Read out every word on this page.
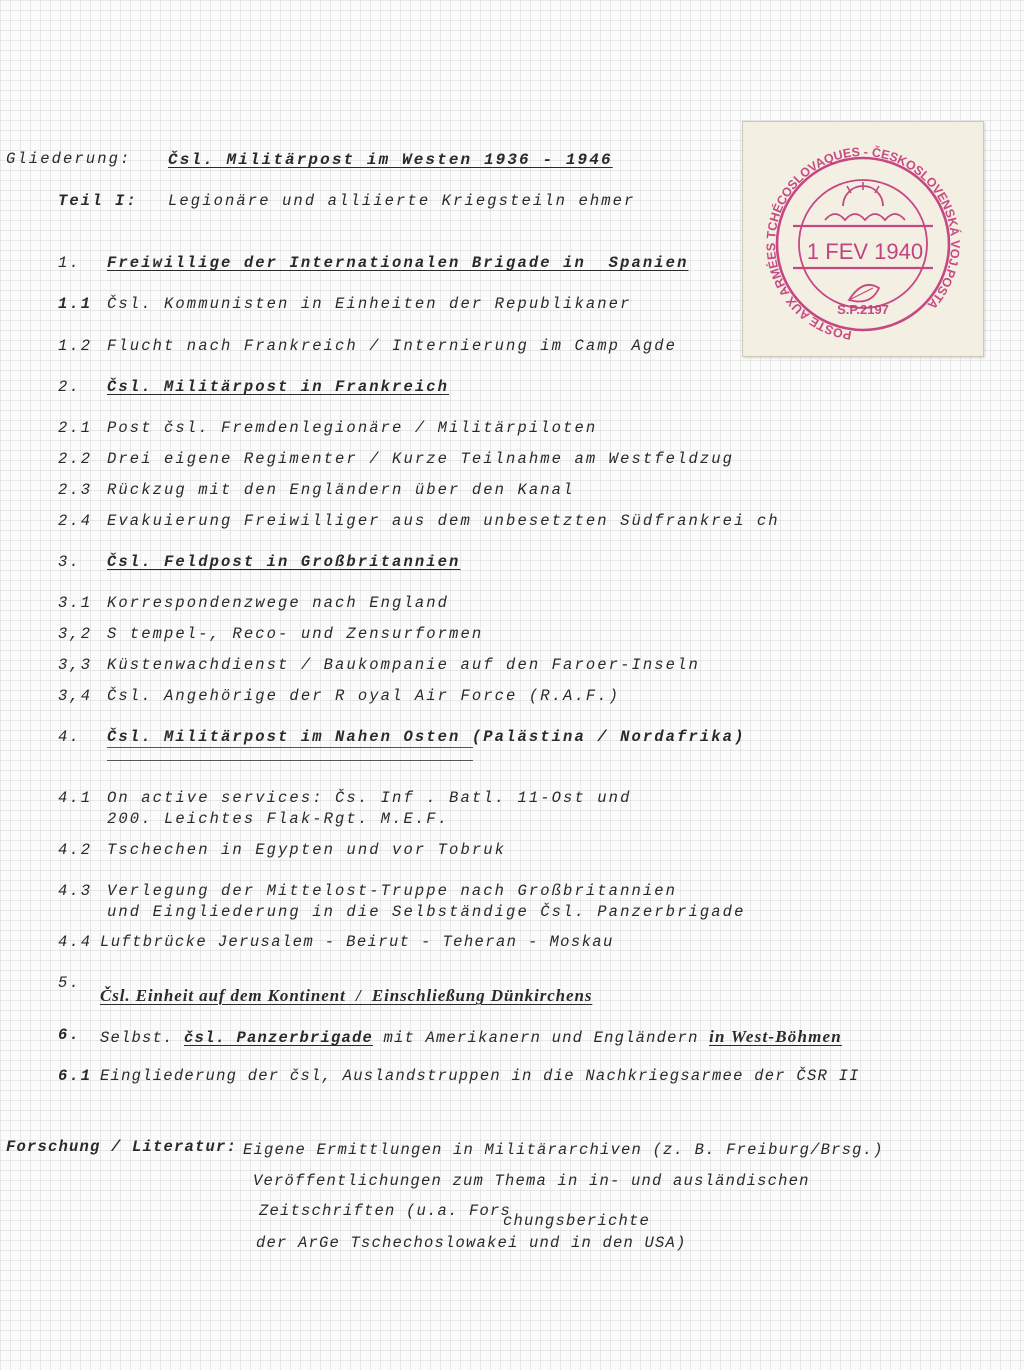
Gliederung: Čsl. Militärpost im Westen 1936 - 1946
Teil I: Legionäre und alliierte Kriegsteiln ehmer
1. Freiwillige der Internationalen Brigade in  Spanien
1.1 Čsl. Kommunisten in Einheiten der Republikaner
1.2 Flucht nach Frankreich / Internierung im Camp Agde
2. Čsl. Militärpost in Frankreich
2.1 Post čsl. Fremdenlegionäre / Militärpiloten
2.2 Drei eigene Regimenter / Kurze Teilnahme am Westfeldzug
2.3 Rückzug mit den Engländern über den Kanal
2.4 Evakuierung Freiwilliger aus dem unbesetzten Südfrankrei ch
3. Čsl. Feldpost in Großbritannien
3.1 Korrespondenzwege nach England
3,2 S tempel-, Reco- und Zensurformen
3,3 Küstenwachdienst / Baukompanie auf den Faroer-Inseln
3,4 Čsl. Angehörige der R oyal Air Force (R.A.F.)
4. Čsl. Militärpost im Nahen Osten (Palästina / Nordafrika)
4.1 On active services: Čs. Inf . Batl. 11-Ost und
200. Leichtes Flak-Rgt. M.E.F.
4.2 Tschechen in Egypten und vor Tobruk
4.3 Verlegung der Mittelost-Truppe nach Großbritannien
und Eingliederung in die Selbständige Čsl. Panzerbrigade
4.4 Luftbrücke Jerusalem - Beirut - Teheran - Moskau
5.
Čsl. Einheit auf dem Kontinent  /  Einschließung Dünkirchens
6. Selbst. čsl. Panzerbrigade mit Amerikanern und Engländern in West-Böhmen
6.1 Eingliederung der čsl, Auslandstruppen in die Nachkriegsarmee der ČSR II
Forschung / Literatur: Eigene Ermittlungen in Militärarchiven (z. B. Freiburg/Brsg.)
Veröffentlichungen zum Thema in in- und ausländischen
Zeitschriften (u.a. Fors
chungsberichte
der ArGe Tschechoslowakei und in den USA)
POSTE AUX ARMÉES TCHÉCOSLOVAQUES - ČESKOSLOVENSKÁ VOJ.POSTA
S.P.2197
1 FEV 1940
